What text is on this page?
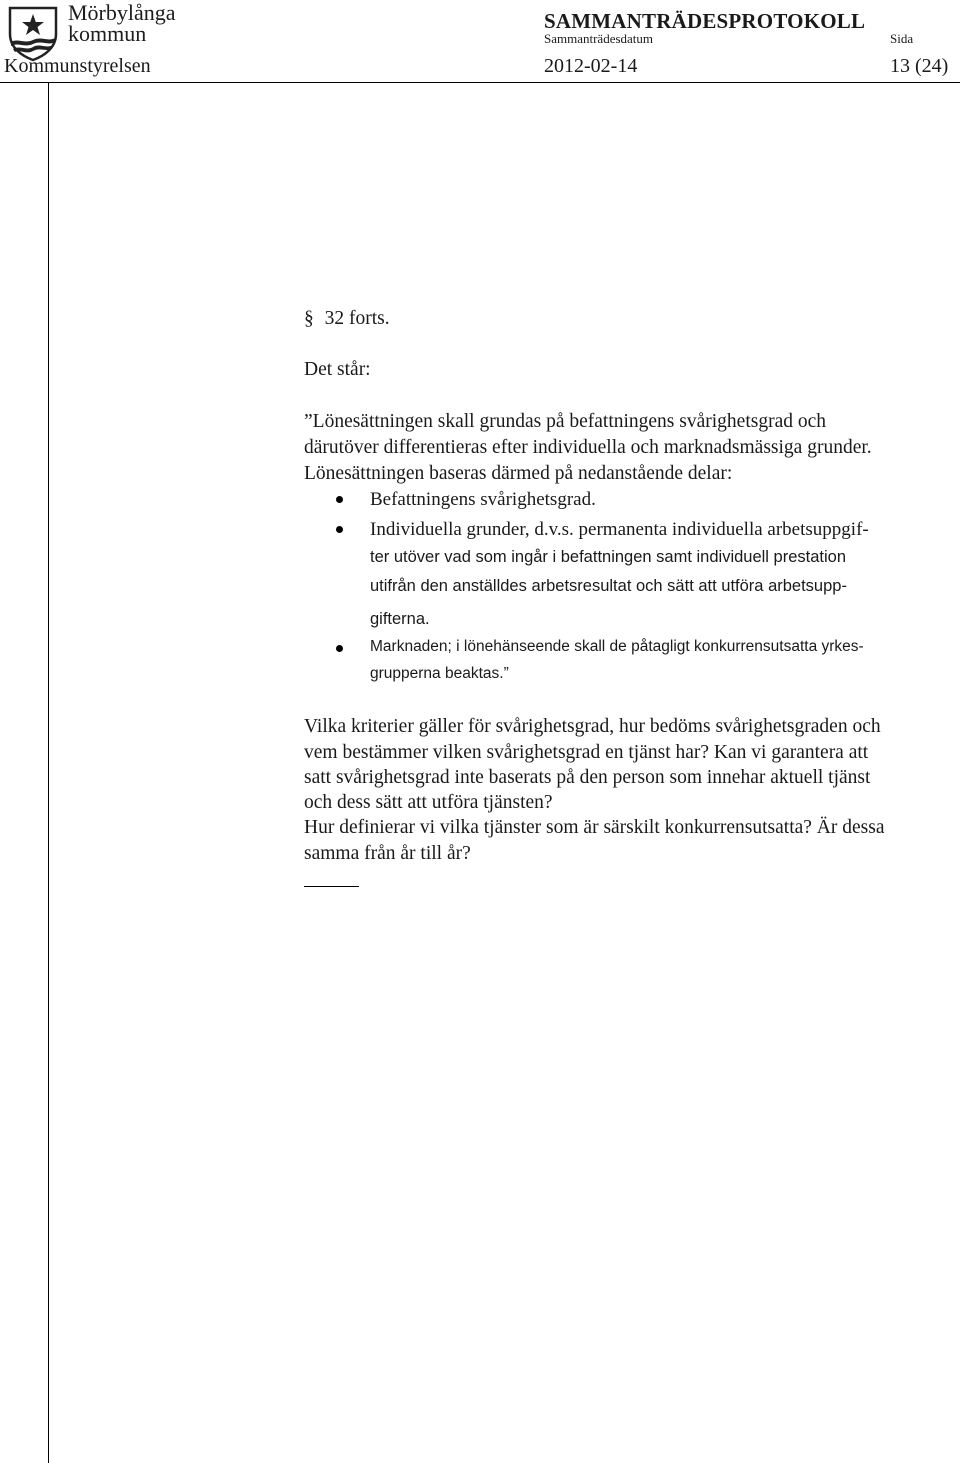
Mörbylånga
kommun	SAMMANTRÄDESPROTOKOLL
Sammanträdesdatum	Sida
Kommunstyrelsen	2012-02-14	13 (24)
§ 32 forts.
Det står:
”Lönesättningen skall grundas på befattningens svårighetsgrad och
därutöver differentieras efter individuella och marknadsmässiga grunder.
Lönesättningen baseras därmed på nedanstående delar:
Befattningens svårighetsgrad.
Individuella grunder, d.v.s. permanenta individuella arbetsuppgif-
ter utöver vad som ingår i befattningen samt individuell prestation
utifrån den anställdes arbetsresultat och sätt att utföra arbetsupp-
gifterna.
Marknaden; i lönehänseende skall de påtagligt konkurrensutsatta yrkes-
grupperna beaktas.”
Vilka kriterier gäller för svårighetsgrad, hur bedöms svårighetsgraden och
vem bestämmer vilken svårighetsgrad en tjänst har? Kan vi garantera att
satt svårighetsgrad inte baserats på den person som innehar aktuell tjänst
och dess sätt att utföra tjänsten?
Hur definierar vi vilka tjänster som är särskilt konkurrensutsatta? Är dessa
samma från år till år?
